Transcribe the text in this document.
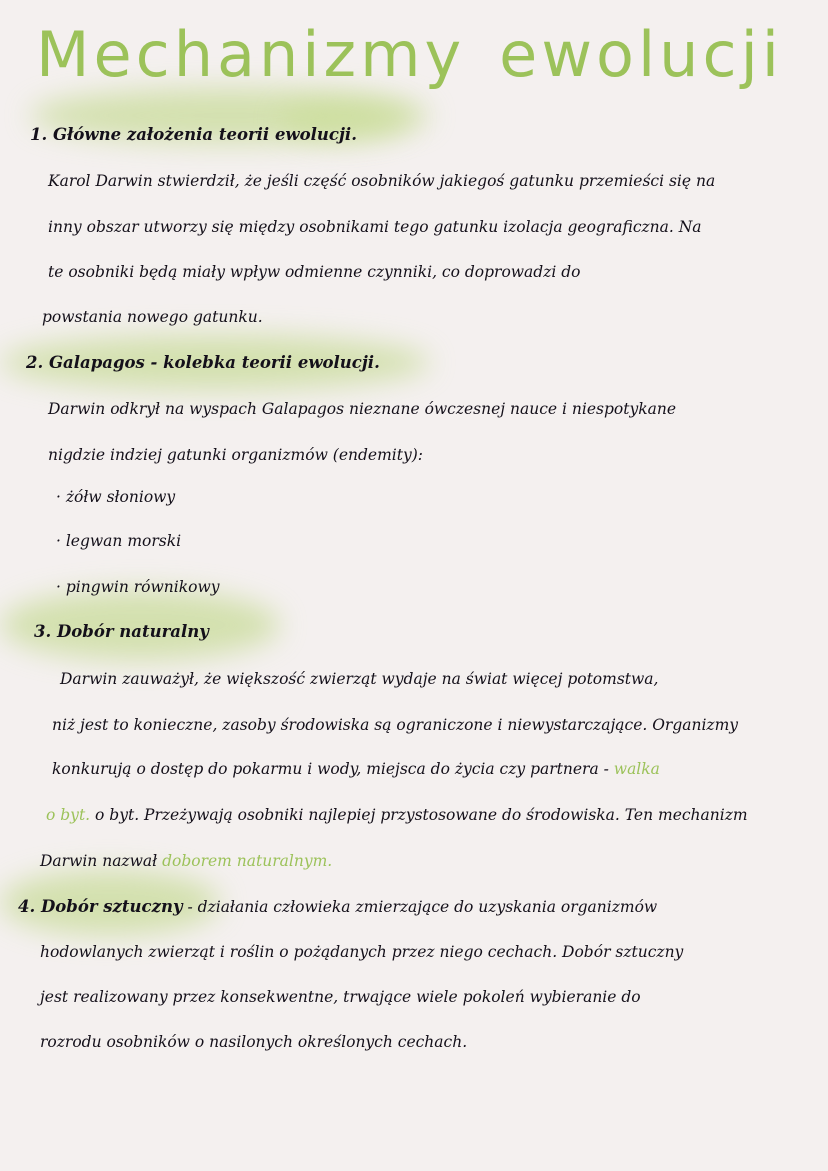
Mechanizmy ewolucji

1. Główne założenia teorii ewolucji.

Karol Darwin stwierdził, że jeśli część osobników jakiegoś gatunku przemieści się na

inny obszar utworzy się między osobnikami tego gatunku izolacja geograficzna. Na

te osobniki będą miały wpływ odmienne czynniki, co doprowadzi do

powstania nowego gatunku.

2. Galapagos - kolebka teorii ewolucji.

Darwin odkrył na wyspach Galapagos nieznane ówczesnej nauce i niespotykane

nigdzie indziej gatunki organizmów (endemity):

· żółw słoniowy

· legwan morski

· pingwin równikowy

3. Dobór naturalny

Darwin zauważył, że większość zwierząt wydaje na świat więcej potomstwa,

niż jest to konieczne, zasoby środowiska są ograniczone i niewystarczające. Organizmy

konkurują o dostęp do pokarmu i wody, miejsca do życia czy partnera - walka

o byt. o byt. Przeżywają osobniki najlepiej przystosowane do środowiska. Ten mechanizm

Darwin nazwał doborem naturalnym.

4. Dobór sztuczny - działania człowieka zmierzające do uzyskania organizmów

hodowlanych zwierząt i roślin o pożądanych przez niego cechach. Dobór sztuczny

jest realizowany przez konsekwentne, trwające wiele pokoleń wybieranie do

rozrodu osobników o nasilonych określonych cechach.
